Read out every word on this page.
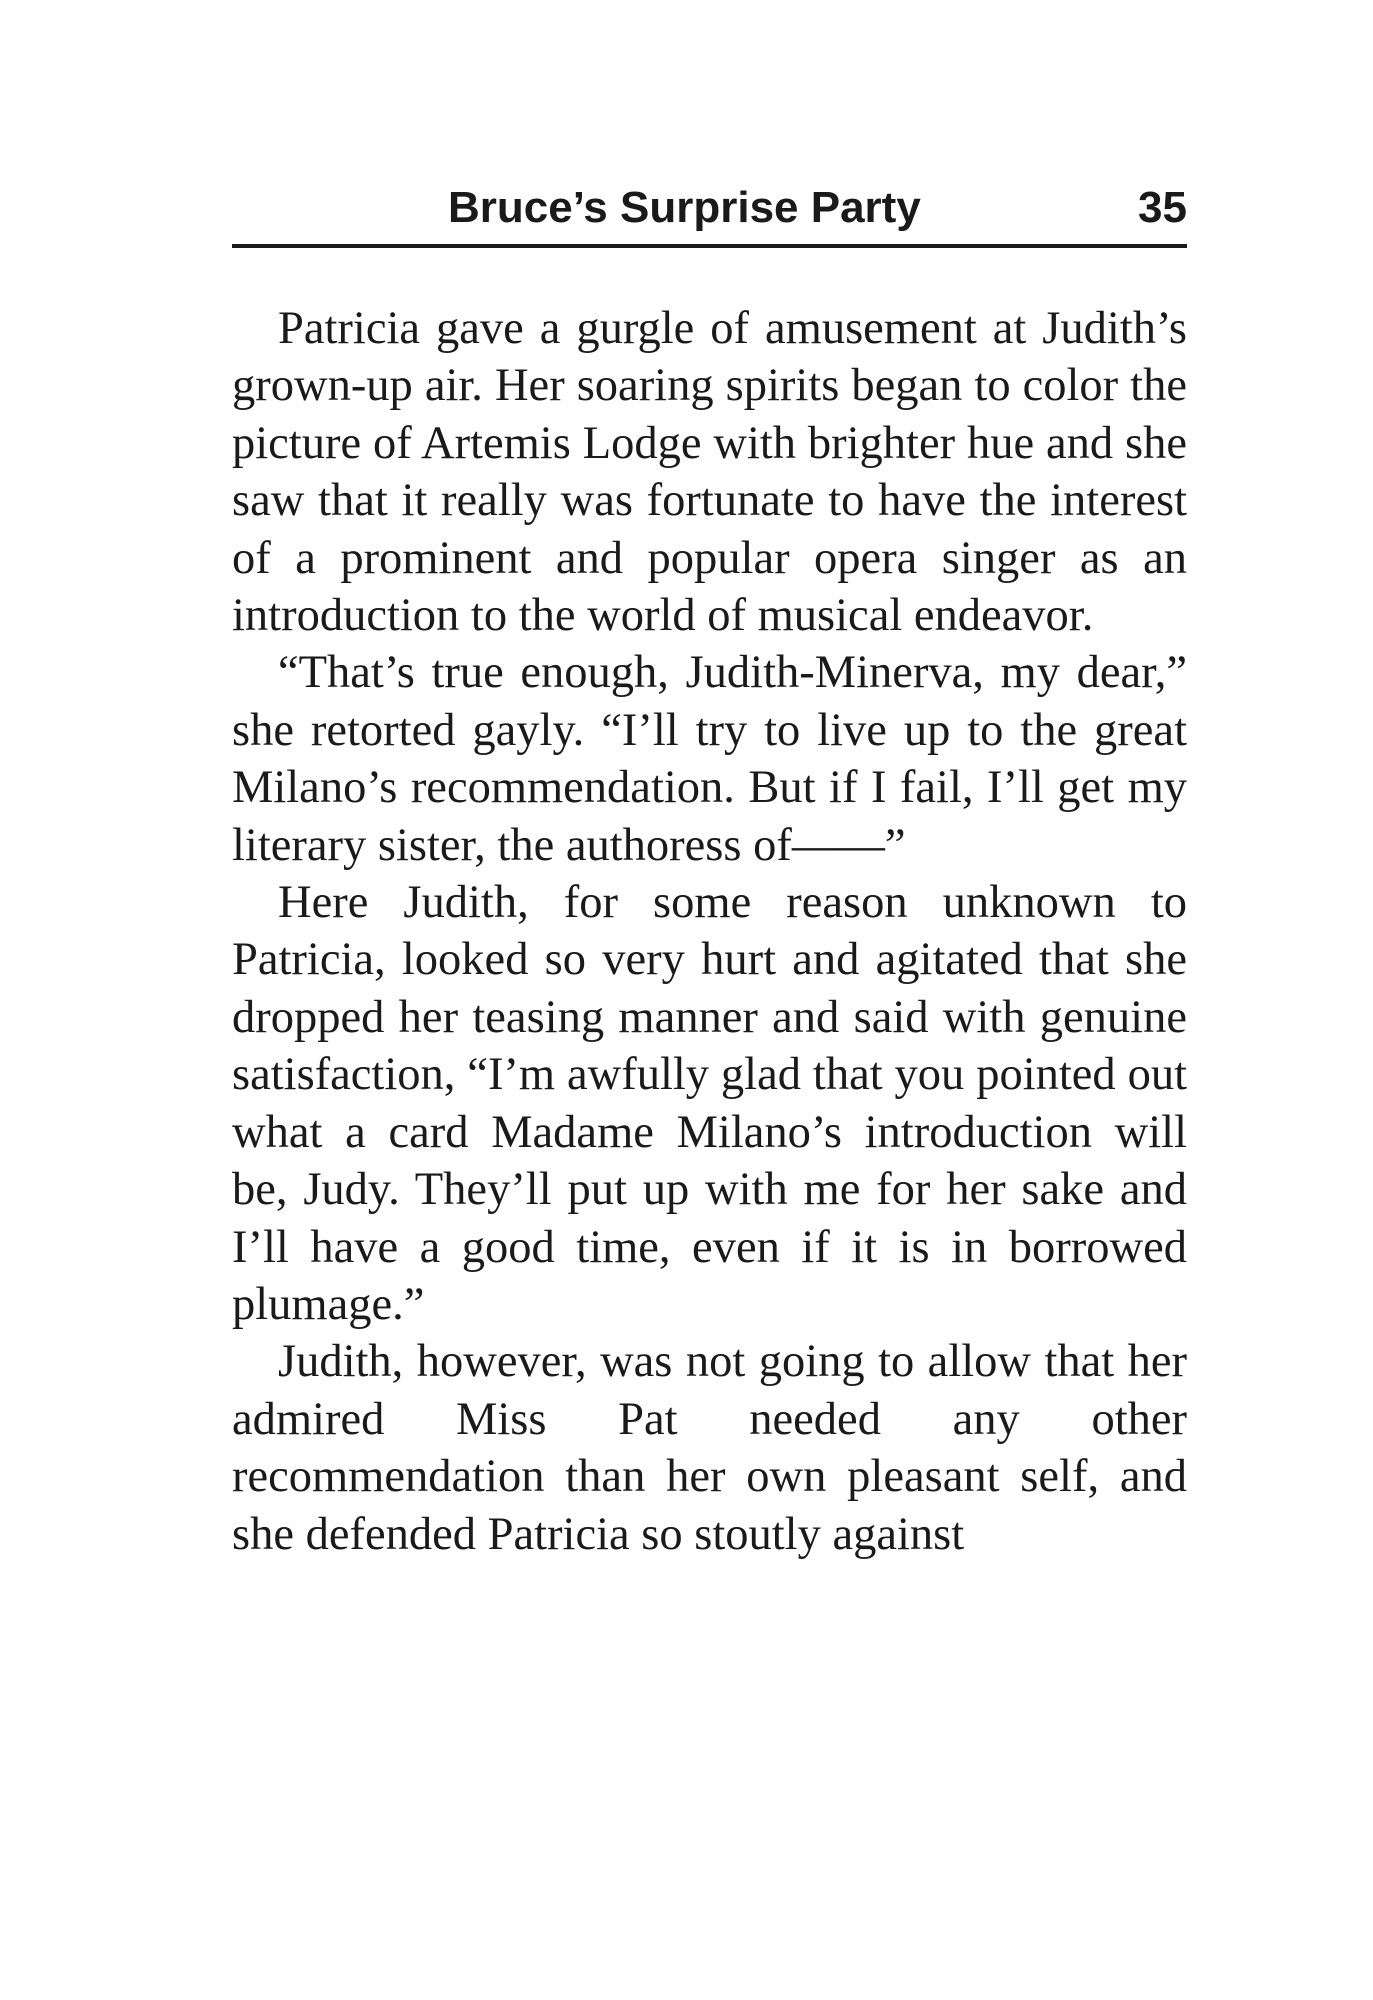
Bruce’s Surprise Party	35

Patricia gave a gurgle of amusement at Judith’s grown-up air. Her soaring spirits began to color the picture of Artemis Lodge with brighter hue and she saw that it really was fortunate to have the interest of a prominent and popular opera singer as an introduction to the world of musical endeavor.

“That’s true enough, Judith-Minerva, my dear,” she retorted gayly. “I’ll try to live up to the great Milano’s recommendation. But if I fail, I’ll get my literary sister, the authoress of——”

Here Judith, for some reason unknown to Patricia, looked so very hurt and agitated that she dropped her teasing manner and said with genuine satisfaction, “I’m awfully glad that you pointed out what a card Madame Milano’s introduction will be, Judy. They’ll put up with me for her sake and I’ll have a good time, even if it is in borrowed plumage.”

Judith, however, was not going to allow that her admired Miss Pat needed any other recommendation than her own pleasant self, and she defended Patricia so stoutly against
